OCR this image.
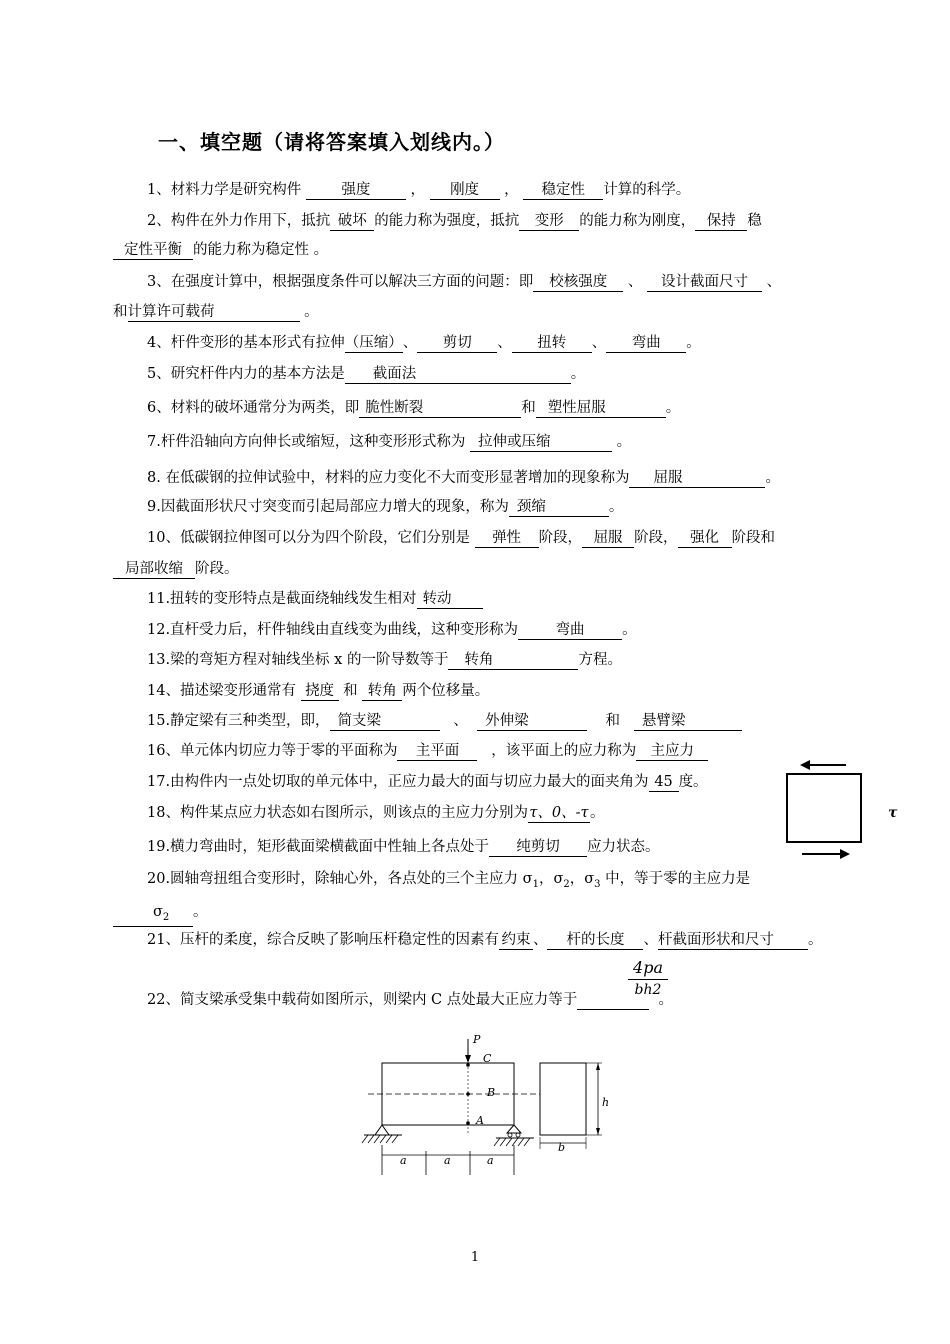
一、填空题（请将答案填入划线内。）
1、材料力学是研究构件	强度	， 刚度 ， 稳定性 计算的科学。
2、构件在外力作用下，抵抗 破坏 的能力称为强度，抵抗 变形 的能力称为刚度， 保持 稳
定性平衡 的能力称为稳定性 。
3、在强度计算中，根据强度条件可以解决三方面的问题：即 校核强度 、 设计截面尺寸 、
和计算许可载荷	。
4、杆件变形的基本形式有拉伸（压缩）、 剪切 、 扭转 、 弯曲 。
5、研究杆件内力的基本方法是 截面法	。
6、材料的破坏通常分为两类，即 脆性断裂	和 塑性屈服	。
7.杆件沿轴向方向伸长或缩短，这种变形形式称为 拉伸或压缩	。
8. 在低碳钢的拉伸试验中，材料的应力变化不大而变形显著增加的现象称为 屈服	。
9.因截面形状尺寸突变而引起局部应力增大的现象，称为 颈缩	。
10、低碳钢拉伸图可以分为四个阶段，它们分别是 弹性 阶段， 屈服 阶段， 强化 阶段和
局部收缩 阶段。
11.扭转的变形特点是截面绕轴线发生相对 转动
12.直杆受力后，杆件轴线由直线变为曲线，这种变形称为	弯曲	。
13.梁的弯矩方程对轴线坐标 x 的一阶导数等于 转角	方程。
14、描述梁变形通常有 挠度 和 转角 两个位移量。
15.静定梁有三种类型，即， 简支梁	、 外伸梁	和 悬臂梁
16、单元体内切应力等于零的平面称为 主平面 ，该平面上的应力称为 主应力
17.由构件内一点处切取的单元体中，正应力最大的面与切应力最大的面夹角为 45 度。
18、构件某点应力状态如右图所示，则该点的主应力分别为τ、0、-τ。
19.横力弯曲时，矩形截面梁横截面中性轴上各点处于 纯剪切 应力状态。
20.圆轴弯扭组合变形时，除轴心外，各点处的三个主应力 $\sigma_1$，$\sigma_2$，$\sigma_3$ 中，等于零的主应力是
$\sigma_2$ 。
21、压杆的柔度，综合反映了影响压杆稳定性的因素有 约束 、 杆的长度 、杆截面形状和尺寸 。
22、简支梁承受集中载荷如图所示，则梁内 C 点处最大正应力等于	。
$\frac{4pa}{bh2}$
τ
P
C
B
A
a	a	a
h
b
1
